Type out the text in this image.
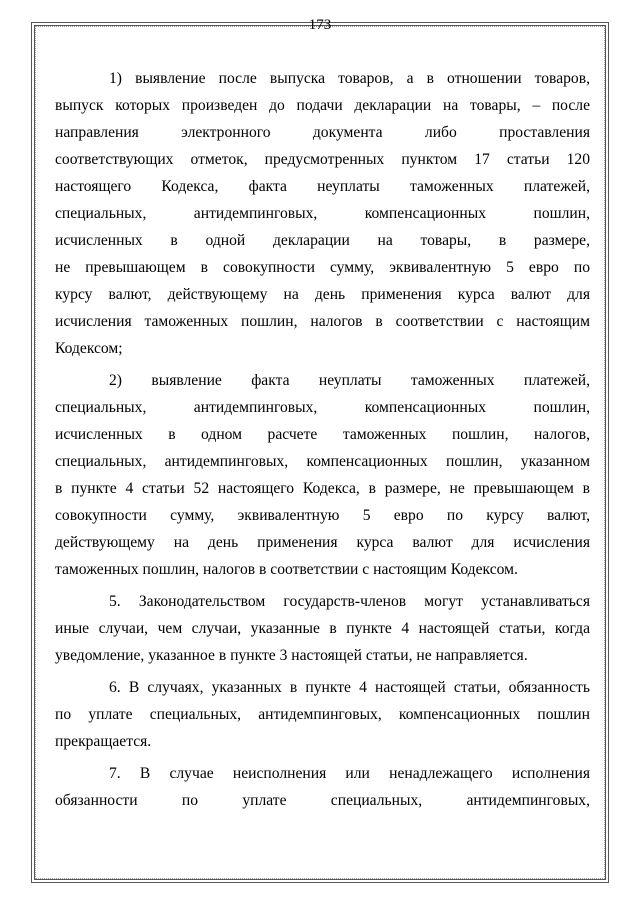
173
1) выявление после выпуска товаров, а в отношении товаров,
выпуск которых произведен до подачи декларации на товары, – после
направления электронного документа либо проставления
соответствующих отметок, предусмотренных пунктом 17 статьи 120
настоящего Кодекса, факта неуплаты таможенных платежей,
специальных, антидемпинговых, компенсационных пошлин,
исчисленных в одной декларации на товары, в размере,
не превышающем в совокупности сумму, эквивалентную 5 евро по
курсу валют, действующему на день применения курса валют для
исчисления таможенных пошлин, налогов в соответствии с настоящим
Кодексом;
2) выявление факта неуплаты таможенных платежей,
специальных, антидемпинговых, компенсационных пошлин,
исчисленных в одном расчете таможенных пошлин, налогов,
специальных, антидемпинговых, компенсационных пошлин, указанном
в пункте 4 статьи 52 настоящего Кодекса, в размере, не превышающем в
совокупности сумму, эквивалентную 5 евро по курсу валют,
действующему на день применения курса валют для исчисления
таможенных пошлин, налогов в соответствии с настоящим Кодексом.
5. Законодательством государств-членов могут устанавливаться
иные случаи, чем случаи, указанные в пункте 4 настоящей статьи, когда
уведомление, указанное в пункте 3 настоящей статьи, не направляется.
6. В случаях, указанных в пункте 4 настоящей статьи, обязанность
по уплате специальных, антидемпинговых, компенсационных пошлин
прекращается.
7. В случае неисполнения или ненадлежащего исполнения
обязанности по уплате специальных, антидемпинговых,
